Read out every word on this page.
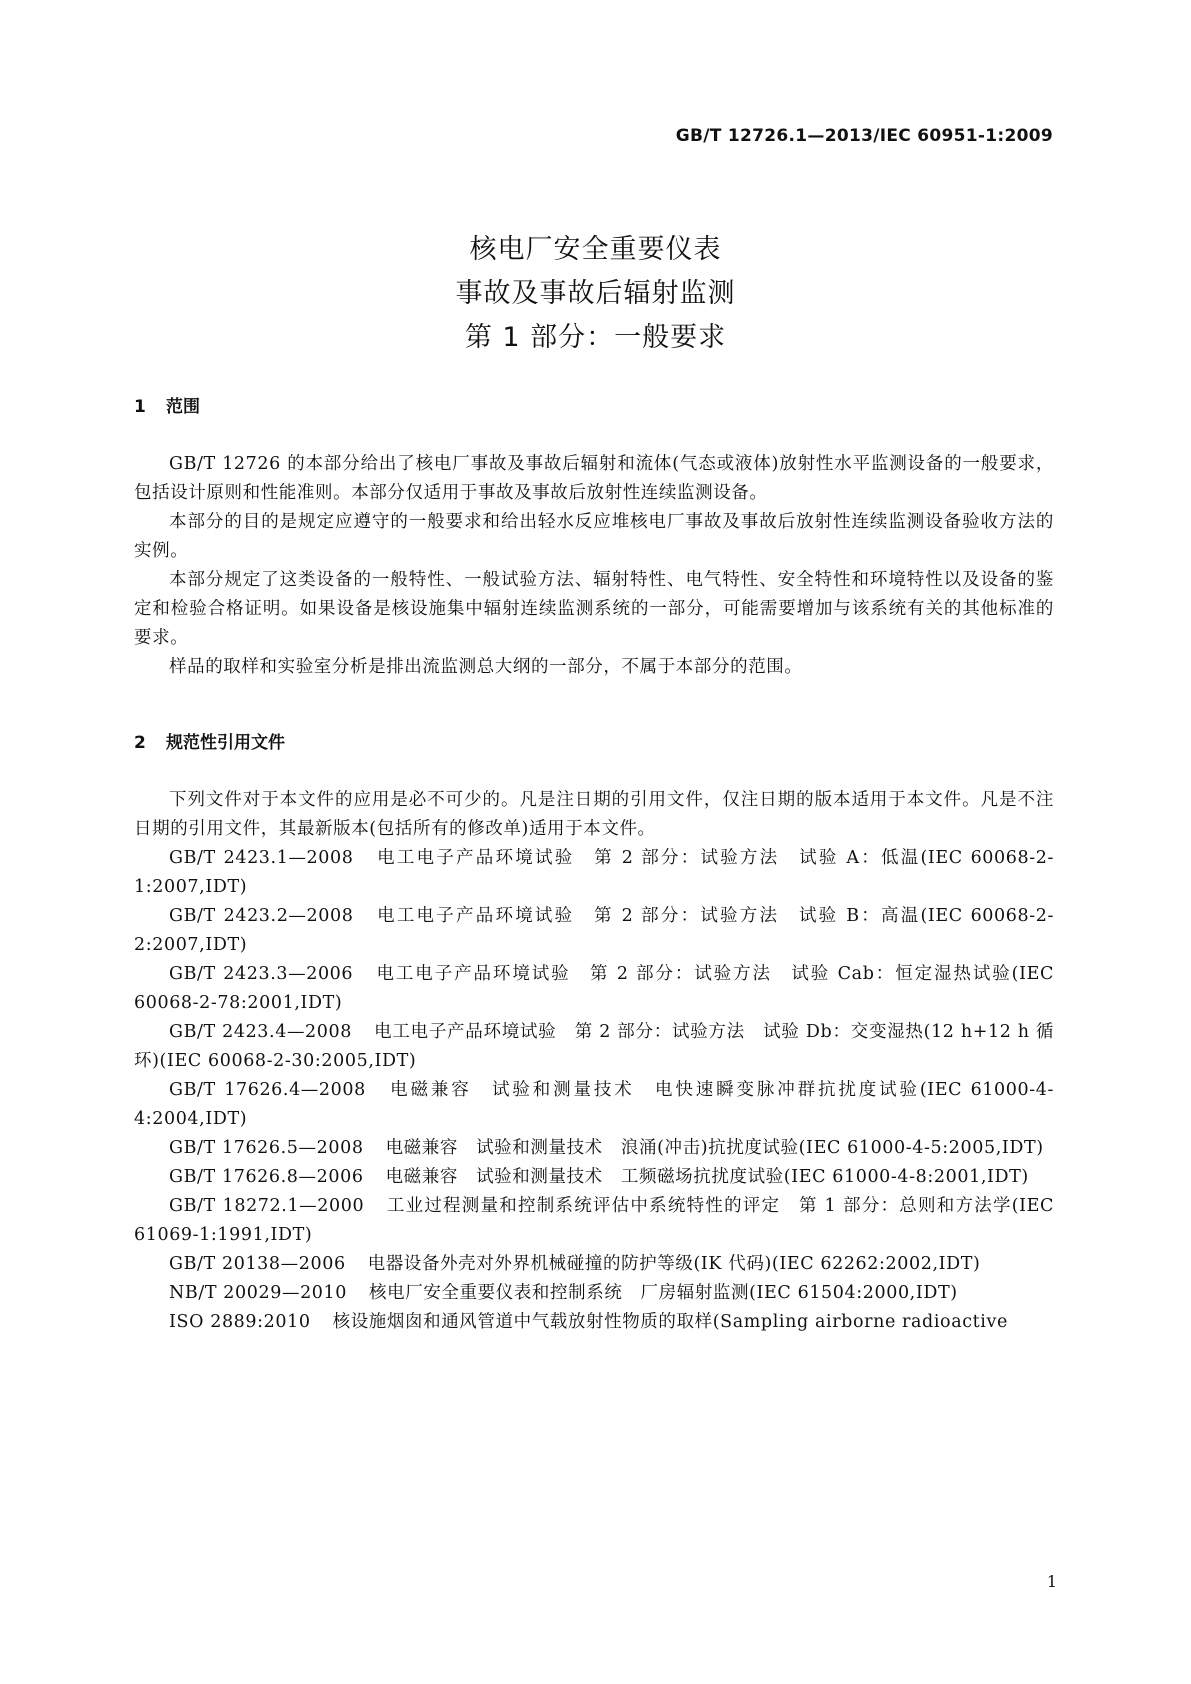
GB/T 12726.1—2013/IEC 60951-1:2009
核电厂安全重要仪表
事故及事故后辐射监测
第 1 部分：一般要求
1 范围

GB/T 12726 的本部分给出了核电厂事故及事故后辐射和流体(气态或液体)放射性水平监测设备的一般要求，包括设计原则和性能准则。本部分仅适用于事故及事故后放射性连续监测设备。

本部分的目的是规定应遵守的一般要求和给出轻水反应堆核电厂事故及事故后放射性连续监测设备验收方法的实例。

本部分规定了这类设备的一般特性、一般试验方法、辐射特性、电气特性、安全特性和环境特性以及设备的鉴定和检验合格证明。如果设备是核设施集中辐射连续监测系统的一部分，可能需要增加与该系统有关的其他标准的要求。

样品的取样和实验室分析是排出流监测总大纲的一部分，不属于本部分的范围。

2 规范性引用文件

下列文件对于本文件的应用是必不可少的。凡是注日期的引用文件，仅注日期的版本适用于本文件。凡是不注日期的引用文件，其最新版本(包括所有的修改单)适用于本文件。

GB/T 2423.1—2008 电工电子产品环境试验　第 2 部分：试验方法　试验 A：低温(IEC 60068-2-1:2007,IDT)

GB/T 2423.2—2008 电工电子产品环境试验　第 2 部分：试验方法　试验 B：高温(IEC 60068-2-2:2007,IDT)

GB/T 2423.3—2006 电工电子产品环境试验　第 2 部分：试验方法　试验 Cab：恒定湿热试验(IEC 60068-2-78:2001,IDT)

GB/T 2423.4—2008 电工电子产品环境试验　第 2 部分：试验方法　试验 Db：交变湿热(12 h+12 h 循环)(IEC 60068-2-30:2005,IDT)

GB/T 17626.4—2008 电磁兼容　试验和测量技术　电快速瞬变脉冲群抗扰度试验(IEC 61000-4-4:2004,IDT)

GB/T 17626.5—2008 电磁兼容　试验和测量技术　浪涌(冲击)抗扰度试验(IEC 61000-4-5:2005,IDT)

GB/T 17626.8—2006 电磁兼容　试验和测量技术　工频磁场抗扰度试验(IEC 61000-4-8:2001,IDT)

GB/T 18272.1—2000 工业过程测量和控制系统评估中系统特性的评定　第 1 部分：总则和方法学(IEC 61069-1:1991,IDT)

GB/T 20138—2006 电器设备外壳对外界机械碰撞的防护等级(IK 代码)(IEC 62262:2002,IDT)

NB/T 20029—2010 核电厂安全重要仪表和控制系统　厂房辐射监测(IEC 61504:2000,IDT)

ISO 2889:2010 核设施烟囱和通风管道中气载放射性物质的取样(Sampling airborne radioactive

1
